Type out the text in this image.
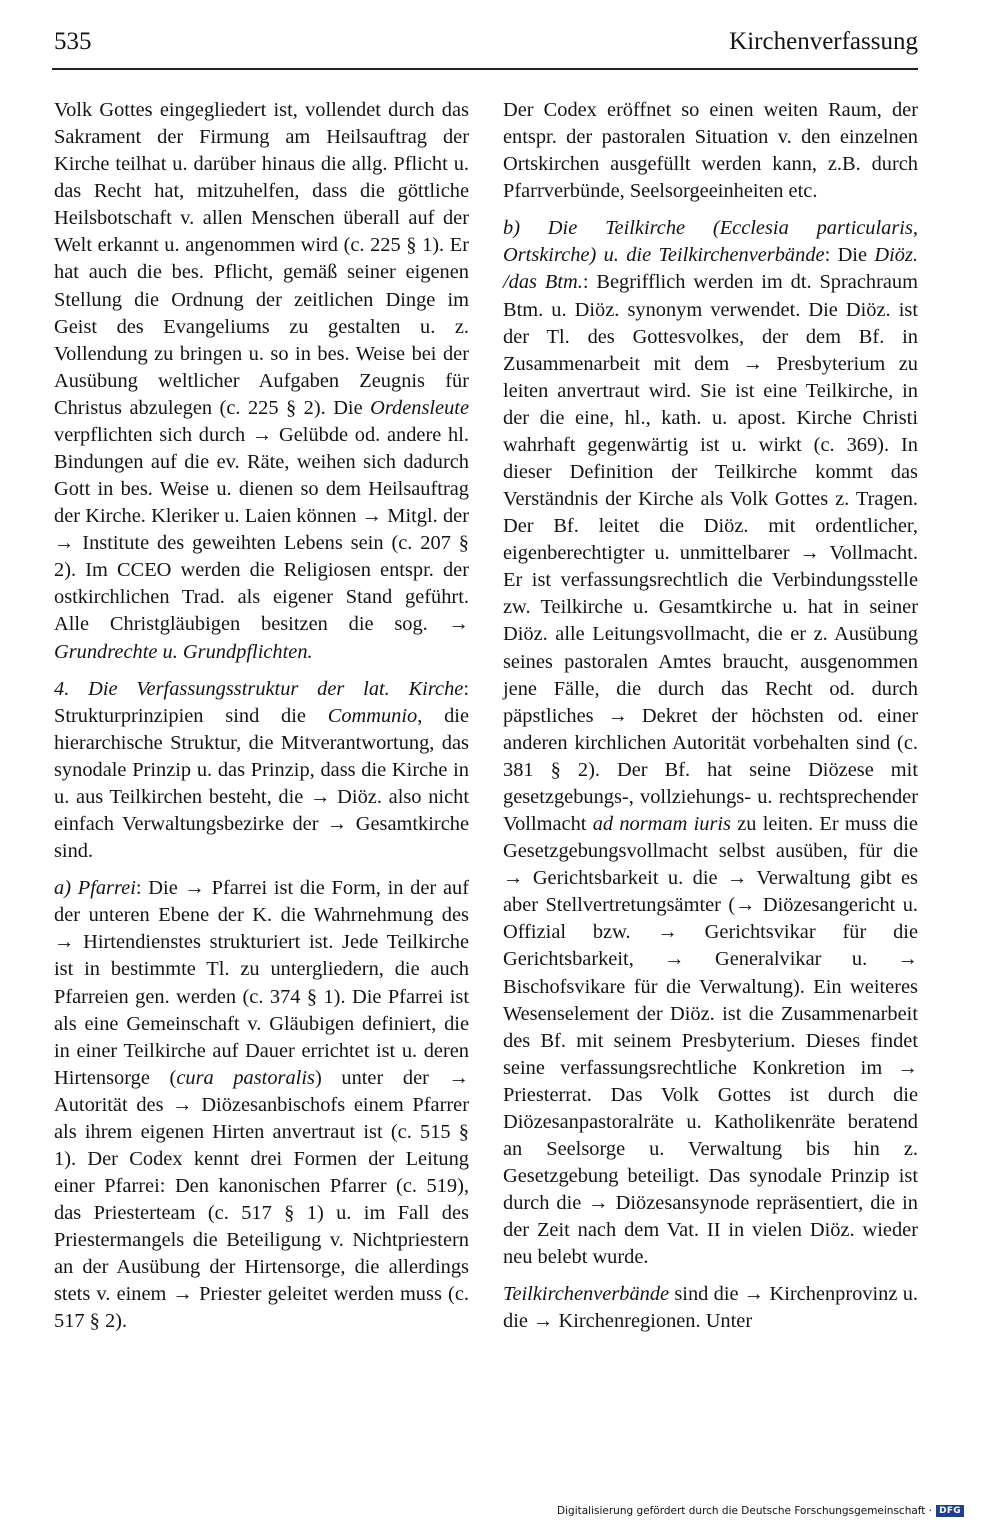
535	Kirchenverfassung

Volk Gottes eingegliedert ist, vollendet durch das Sakrament der Firmung am Heilsauftrag der Kirche teilhat u. darüber hinaus die allg. Pflicht u. das Recht hat, mitzuhelfen, dass die göttliche Heilsbotschaft v. allen Menschen überall auf der Welt erkannt u. angenommen wird (c. 225 § 1). Er hat auch die bes. Pflicht, gemäß seiner eigenen Stellung die Ordnung der zeitlichen Dinge im Geist des Evangeliums zu gestalten u. z. Vollendung zu bringen u. so in bes. Weise bei der Ausübung weltlicher Aufgaben Zeugnis für Christus abzulegen (c. 225 § 2). Die Ordensleute verpflichten sich durch → Gelübde od. andere hl. Bindungen auf die ev. Räte, weihen sich dadurch Gott in bes. Weise u. dienen so dem Heilsauftrag der Kirche. Kleriker u. Laien können → Mitgl. der → Institute des geweihten Lebens sein (c. 207 § 2). Im CCEO werden die Religiosen entspr. der ostkirchlichen Trad. als eigener Stand geführt. Alle Christgläubigen besitzen die sog. → Grundrechte u. Grundpflichten.

4. Die Verfassungsstruktur der lat. Kirche: Strukturprinzipien sind die Communio, die hierarchische Struktur, die Mitverantwortung, das synodale Prinzip u. das Prinzip, dass die Kirche in u. aus Teilkirchen besteht, die → Diöz. also nicht einfach Verwaltungsbezirke der → Gesamtkirche sind.

a) Pfarrei: Die → Pfarrei ist die Form, in der auf der unteren Ebene der K. die Wahrnehmung des → Hirtendienstes strukturiert ist. Jede Teilkirche ist in bestimmte Tl. zu untergliedern, die auch Pfarreien gen. werden (c. 374 § 1). Die Pfarrei ist als eine Gemeinschaft v. Gläubigen definiert, die in einer Teilkirche auf Dauer errichtet ist u. deren Hirtensorge (cura pastoralis) unter der → Autorität des → Diözesanbischofs einem Pfarrer als ihrem eigenen Hirten anvertraut ist (c. 515 § 1). Der Codex kennt drei Formen der Leitung einer Pfarrei: Den kanonischen Pfarrer (c. 519), das Priesterteam (c. 517 § 1) u. im Fall des Priestermangels die Beteiligung v. Nichtpriestern an der Ausübung der Hirtensorge, die allerdings stets v. einem → Priester geleitet werden muss (c. 517 § 2).

Der Codex eröffnet so einen weiten Raum, der entspr. der pastoralen Situation v. den einzelnen Ortskirchen ausgefüllt werden kann, z.B. durch Pfarrverbünde, Seelsorgeeinheiten etc.

b) Die Teilkirche (Ecclesia particularis, Ortskirche) u. die Teilkirchenverbände: Die Diöz. /das Btm.: Begrifflich werden im dt. Sprachraum Btm. u. Diöz. synonym verwendet. Die Diöz. ist der Tl. des Gottesvolkes, der dem Bf. in Zusammenarbeit mit dem → Presbyterium zu leiten anvertraut wird. Sie ist eine Teilkirche, in der die eine, hl., kath. u. apost. Kirche Christi wahrhaft gegenwärtig ist u. wirkt (c. 369). In dieser Definition der Teilkirche kommt das Verständnis der Kirche als Volk Gottes z. Tragen. Der Bf. leitet die Diöz. mit ordentlicher, eigenberechtigter u. unmittelbarer → Vollmacht. Er ist verfassungsrechtlich die Verbindungsstelle zw. Teilkirche u. Gesamtkirche u. hat in seiner Diöz. alle Leitungsvollmacht, die er z. Ausübung seines pastoralen Amtes braucht, ausgenommen jene Fälle, die durch das Recht od. durch päpstliches → Dekret der höchsten od. einer anderen kirchlichen Autorität vorbehalten sind (c. 381 § 2). Der Bf. hat seine Diözese mit gesetzgebungs-, vollziehungs- u. rechtsprechender Vollmacht ad normam iuris zu leiten. Er muss die Gesetzgebungsvollmacht selbst ausüben, für die → Gerichtsbarkeit u. die → Verwaltung gibt es aber Stellvertretungsämter (→ Diözesangericht u. Offizial bzw. → Gerichtsvikar für die Gerichtsbarkeit, → Generalvikar u. → Bischofsvikare für die Verwaltung). Ein weiteres Wesenselement der Diöz. ist die Zusammenarbeit des Bf. mit seinem Presbyterium. Dieses findet seine verfassungsrechtliche Konkretion im → Priesterrat. Das Volk Gottes ist durch die Diözesanpastoralräte u. Katholikenräte beratend an Seelsorge u. Verwaltung bis hin z. Gesetzgebung beteiligt. Das synodale Prinzip ist durch die → Diözesansynode repräsentiert, die in der Zeit nach dem Vat. II in vielen Diöz. wieder neu belebt wurde.

Teilkirchenverbände sind die → Kirchenprovinz u. die → Kirchenregionen. Unter

Digitalisierung gefördert durch die Deutsche Forschungsgemeinschaft · DFG
